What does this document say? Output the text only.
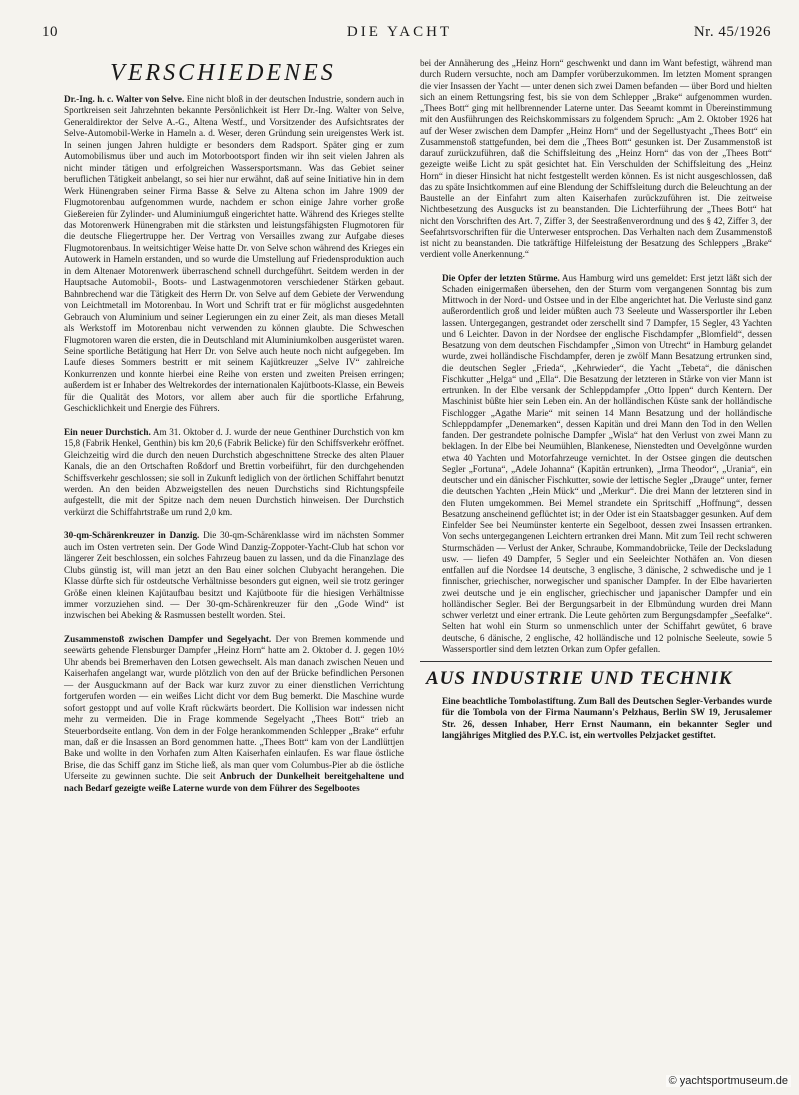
10	DIE YACHT	Nr. 45/1926
VERSCHIEDENES

Dr.-Ing. h. c. Walter von Selve. Eine nicht bloß in der deutschen Industrie, sondern auch in Sportkreisen seit Jahrzehnten bekannte Persönlichkeit ist Herr Dr.-Ing. Walter von Selve, Generaldirektor der Selve A.-G., Altena Westf., und Vorsitzender des Aufsichtsrates der Selve-Automobil-Werke in Hameln a. d. Weser, deren Gründung sein ureigenstes Werk ist. In seinen jungen Jahren huldigte er besonders dem Radsport. Später ging er zum Automobilismus über und auch im Motorbootsport finden wir ihn seit vielen Jahren als nicht minder tätigen und erfolgreichen Wassersportsmann. Was das Gebiet seiner beruflichen Tätigkeit anbelangt, so sei hier nur erwähnt, daß auf seine Initiative hin in dem Werk Hünengraben seiner Firma Basse & Selve zu Altena schon im Jahre 1909 der Flugmotorenbau aufgenommen wurde, nachdem er schon einige Jahre vorher große Gießereien für Zylinder- und Aluminiumguß eingerichtet hatte. Während des Krieges stellte das Motorenwerk Hünengraben mit die stärksten und leistungsfähigsten Flugmotoren für die deutsche Fliegertruppe her. Der Vertrag von Versailles zwang zur Aufgabe dieses Flugmotorenbaus. In weitsichtiger Weise hatte Dr. von Selve schon während des Krieges ein Autowerk in Hameln erstanden, und so wurde die Umstellung auf Friedensproduktion auch in dem Altenaer Motorenwerk überraschend schnell durchgeführt. Seitdem werden in der Hauptsache Automobil-, Boots- und Lastwagenmotoren verschiedener Stärken gebaut. Bahnbrechend war die Tätigkeit des Herrn Dr. von Selve auf dem Gebiete der Verwendung von Leichtmetall im Motorenbau. In Wort und Schrift trat er für möglichst ausgedehnten Gebrauch von Aluminium und seiner Legierungen ein zu einer Zeit, als man dieses Metall als Werkstoff im Motorenbau nicht verwenden zu können glaubte. Die Schweschen Flugmotoren waren die ersten, die in Deutschland mit Aluminiumkolben ausgerüstet waren. Seine sportliche Betätigung hat Herr Dr. von Selve auch heute noch nicht aufgegeben. Im Laufe dieses Sommers bestritt er mit seinem Kajütkreuzer „Selve IV“ zahlreiche Konkurrenzen und konnte hierbei eine Reihe von ersten und zweiten Preisen erringen; außerdem ist er Inhaber des Weltrekordes der internationalen Kajütboots-Klasse, ein Beweis für die Qualität des Motors, vor allem aber auch für die sportliche Erfahrung, Geschicklichkeit und Energie des Führers.

Ein neuer Durchstich. Am 31. Oktober d. J. wurde der neue Genthiner Durchstich von km 15,8 (Fabrik Henkel, Genthin) bis km 20,6 (Fabrik Belicke) für den Schiffsverkehr eröffnet. Gleichzeitig wird die durch den neuen Durchstich abgeschnittene Strecke des alten Plauer Kanals, die an den Ortschaften Roßdorf und Brettin vorbeiführt, für den durchgehenden Schiffsverkehr geschlossen; sie soll in Zukunft lediglich von der örtlichen Schiffahrt benutzt werden. An den beiden Abzweigstellen des neuen Durchstichs sind Richtungspfeile aufgestellt, die mit der Spitze nach dem neuen Durchstich hinweisen. Der Durchstich verkürzt die Schiffahrtstraße um rund 2,0 km.

30-qm-Schärenkreuzer in Danzig. Die 30-qm-Schärenklasse wird im nächsten Sommer auch im Osten vertreten sein. Der Gode Wind Danzig-Zoppoter-Yacht-Club hat schon vor längerer Zeit beschlossen, ein solches Fahrzeug bauen zu lassen, und da die Finanzlage des Clubs günstig ist, will man jetzt an den Bau einer solchen Clubyacht herangehen. Die Klasse dürfte sich für ostdeutsche Verhältnisse besonders gut eignen, weil sie trotz geringer Größe einen kleinen Kajütaufbau besitzt und Kajütboote für die hiesigen Verhältnisse immer vorzuziehen sind. — Der 30-qm-Schärenkreuzer für den „Gode Wind“ ist inzwischen bei Abeking & Rasmussen bestellt worden. Stei.

Zusammenstoß zwischen Dampfer und Segelyacht. Der von Bremen kommende und seewärts gehende Flensburger Dampfer „Heinz Horn“ hatte am 2. Oktober d. J. gegen 10½ Uhr abends bei Bremerhaven den Lotsen gewechselt. Als man danach zwischen Neuen und Kaiserhafen angelangt war, wurde plötzlich von den auf der Brücke befindlichen Personen — der Ausguckmann auf der Back war kurz zuvor zu einer dienstlichen Verrichtung fortgerufen worden — ein weißes Licht dicht vor dem Bug bemerkt. Die Maschine wurde sofort gestoppt und auf volle Kraft rückwärts beordert. Die Kollision war indessen nicht mehr zu vermeiden. Die in Frage kommende Segelyacht „Thees Bott“ trieb an Steuerbordseite entlang. Von dem in der Folge herankommenden Schlepper „Brake“ erfuhr man, daß er die Insassen an Bord genommen hatte. „Thees Bott“ kam von der Landlüttjen Bake und wollte in den Vorhafen zum Alten Kaiserhafen einlaufen. Es war flaue östliche Brise, die das Schiff ganz im Stiche ließ, als man quer vom Columbus-Pier ab die östliche Uferseite zu gewinnen suchte. Die seit Anbruch der Dunkelheit bereitgehaltene und nach Bedarf gezeigte weiße Laterne wurde von dem Führer des Segelbootes

bei der Annäherung des „Heinz Horn“ geschwenkt und dann im Want befestigt, während man durch Rudern versuchte, noch am Dampfer vorüberzukommen. Im letzten Moment sprangen die vier Insassen der Yacht — unter denen sich zwei Damen befanden — über Bord und hielten sich an einem Rettungsring fest, bis sie von dem Schlepper „Brake“ aufgenommen wurden. „Thees Bott“ ging mit hellbrennender Laterne unter. Das Seeamt kommt in Übereinstimmung mit den Ausführungen des Reichskommissars zu folgendem Spruch: „Am 2. Oktober 1926 hat auf der Weser zwischen dem Dampfer „Heinz Horn“ und der Segellustyacht „Thees Bott“ ein Zusammenstoß stattgefunden, bei dem die „Thees Bott“ gesunken ist. Der Zusammenstoß ist darauf zurückzuführen, daß die Schiffsleitung des „Heinz Horn“ das von der „Thees Bott“ gezeigte weiße Licht zu spät gesichtet hat. Ein Verschulden der Schiffsleitung des „Heinz Horn“ in dieser Hinsicht hat nicht festgestellt werden können. Es ist nicht ausgeschlossen, daß das zu späte Insichtkommen auf eine Blendung der Schiffsleitung durch die Beleuchtung an der Baustelle an der Einfahrt zum alten Kaiserhafen zurückzuführen ist. Die zeitweise Nichtbesetzung des Ausgucks ist zu beanstanden. Die Lichterführung der „Thees Bott“ hat nicht den Vorschriften des Art. 7, Ziffer 3, der Seestraßenverordnung und des § 42, Ziffer 3, der Seefahrtsvorschriften für die Unterweser entsprochen. Das Verhalten nach dem Zusammenstoß ist nicht zu beanstanden. Die tatkräftige Hilfeleistung der Besatzung des Schleppers „Brake“ verdient volle Anerkennung.“

Die Opfer der letzten Stürme. Aus Hamburg wird uns gemeldet: Erst jetzt läßt sich der Schaden einigermaßen übersehen, den der Sturm vom vergangenen Sonntag bis zum Mittwoch in der Nord- und Ostsee und in der Elbe angerichtet hat. Die Verluste sind ganz außerordentlich groß und leider müßten auch 73 Seeleute und Wassersportler ihr Leben lassen. Untergegangen, gestrandet oder zerschellt sind 7 Dampfer, 15 Segler, 43 Yachten und 6 Leichter. Davon in der Nordsee der englische Fischdampfer „Blomfield“, dessen Besatzung von dem deutschen Fischdampfer „Simon von Utrecht“ in Hamburg gelandet wurde, zwei holländische Fischdampfer, deren je zwölf Mann Besatzung ertrunken sind, die deutschen Segler „Frieda“, „Kehrwieder“, die Yacht „Tebeta“, die dänischen Fischkutter „Helga“ und „Ella“. Die Besatzung der letzteren in Stärke von vier Mann ist ertrunken. In der Elbe versank der Schleppdampfer „Otto Ippen“ durch Kentern. Der Maschinist büßte hier sein Leben ein. An der holländischen Küste sank der holländische Fischlogger „Agathe Marie“ mit seinen 14 Mann Besatzung und der holländische Schleppdampfer „Denemarken“, dessen Kapitän und drei Mann den Tod in den Wellen fanden. Der gestrandete polnische Dampfer „Wisla“ hat den Verlust von zwei Mann zu beklagen. In der Elbe bei Neumühlen, Blankenese, Nienstedten und Oevelgönne wurden etwa 40 Yachten und Motorfahrzeuge vernichtet. In der Ostsee gingen die deutschen Segler „Fortuna“, „Adele Johanna“ (Kapitän ertrunken), „Irma Theodor“, „Urania“, ein deutscher und ein dänischer Fischkutter, sowie der lettische Segler „Drauge“ unter, ferner die deutschen Yachten „Hein Mück“ und „Merkur“. Die drei Mann der letzteren sind in den Fluten umgekommen. Bei Memel strandete ein Spritschiff „Hoffnung“, dessen Besatzung anscheinend geflüchtet ist; in der Oder ist ein Staatsbagger gesunken. Auf dem Einfelder See bei Neumünster kenterte ein Segelboot, dessen zwei Insassen ertranken. Von sechs untergegangenen Leichtern ertranken drei Mann. Mit zum Teil recht schweren Sturmschäden — Verlust der Anker, Schraube, Kommandobrücke, Teile der Decksladung usw. — liefen 49 Dampfer, 5 Segler und ein Seeleichter Nothäfen an. Von diesen entfallen auf die Nordsee 14 deutsche, 3 englische, 3 dänische, 2 schwedische und je 1 finnischer, griechischer, norwegischer und spanischer Dampfer. In der Elbe havarierten zwei deutsche und je ein englischer, griechischer und japanischer Dampfer und ein holländischer Segler. Bei der Bergungsarbeit in der Elbmündung wurden drei Mann schwer verletzt und einer ertrank. Die Leute gehörten zum Bergungsdampfer „Seefalke“. Selten hat wohl ein Sturm so unmenschlich unter der Schiffahrt gewütet, 6 brave deutsche, 6 dänische, 2 englische, 42 holländische und 12 polnische Seeleute, sowie 5 Wassersportler sind dem letzten Orkan zum Opfer gefallen.

AUS INDUSTRIE UND TECHNIK

Eine beachtliche Tombolastiftung. Zum Ball des Deutschen Segler-Verbandes wurde für die Tombola von der Firma Naumann's Pelzhaus, Berlin SW 19, Jerusalemer Str. 26, dessen Inhaber, Herr Ernst Naumann, ein bekannter Segler und langjähriges Mitglied des P.Y.C. ist, ein wertvolles Pelzjacket gestiftet.

© yachtsportmuseum.de
